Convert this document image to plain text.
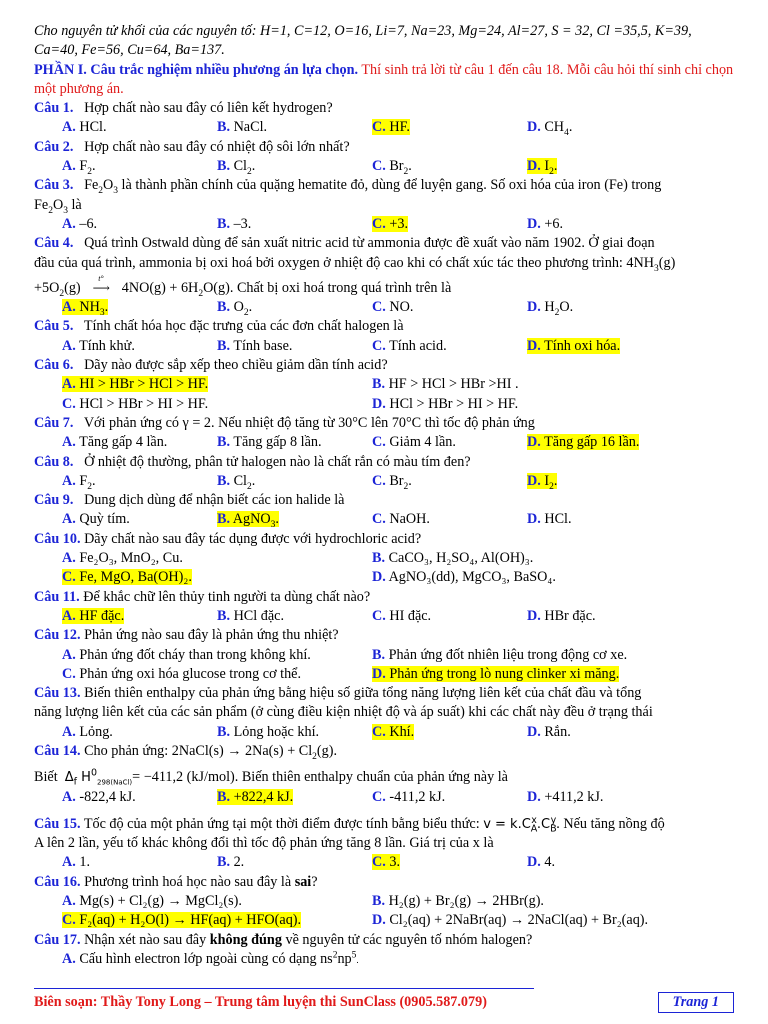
Cho nguyên tử khối của các nguyên tố: H=1, C=12, O=16, Li=7, Na=23, Mg=24, Al=27, S = 32, Cl =35,5, K=39, Ca=40, Fe=56, Cu=64, Ba=137.
PHẦN I. Câu trắc nghiệm nhiều phương án lựa chọn. Thí sinh trả lời từ câu 1 đến câu 18. Mỗi câu hỏi thí sinh chỉ chọn một phương án.
Câu 1. Hợp chất nào sau đây có liên kết hydrogen?
A. HCl.	B. NaCl.	C. HF.	D. $CH_4$.
Câu 2. Hợp chất nào sau đây có nhiệt độ sôi lớn nhất?
A. $F_2$.	B. $Cl_2$.	C. $Br_2$.	D. $I_2$.
Câu 3. $Fe_2O_3$ là thành phần chính của quặng hematite đỏ, dùng để luyện gang. Số oxi hóa của iron (Fe) trong
$Fe_2O_3$ là
A. –6.	B. –3.	C. +3.	D. +6.
Câu 4. Quá trình Ostwald dùng để sản xuất nitric acid từ ammonia được đề xuất vào năm 1902. Ở giai đoạn
đầu của quá trình, ammonia bị oxi hoá bởi oxygen ở nhiệt độ cao khi có chất xúc tác theo phương trình: $4NH_3(g)$
$+5O_2(g)$
t°
⟶ $4NO(g) + 6H_2O(g)$. Chất bị oxi hoá trong quá trình trên là
A. $NH_3$.	B. $O_2$.	C. NO.	D. $H_2O$.
Câu 5. Tính chất hóa học đặc trưng của các đơn chất halogen là
A. Tính khử.	B. Tính base.	C. Tính acid.	D. Tính oxi hóa.
Câu 6. Dãy nào được sắp xếp theo chiều giảm dần tính acid?
A. HI > HBr > HCl > HF.	B. HF > HCl > HBr >HI .
C. HCl > HBr > HI > HF.	D. HCl > HBr > HI > HF.
Câu 7. Với phản ứng có γ = 2. Nếu nhiệt độ tăng từ 30°C lên 70°C thì tốc độ phản ứng
A. Tăng gấp 4 lần.	B. Tăng gấp 8 lần.	C. Giảm 4 lần.	D. Tăng gấp 16 lần.
Câu 8. Ở nhiệt độ thường, phân tử halogen nào là chất rắn có màu tím đen?
A. $F_2$.	B. $Cl_2$.	C. $Br_2$.	D. $I_2$.
Câu 9. Dung dịch dùng để nhận biết các ion halide là
A. Quỳ tím.	B. AgNO$_3$.	C. NaOH.	D. HCl.
Câu 10. Dãy chất nào sau đây tác dụng được với hydrochloric acid?
A. Fe₂O₃, MnO₂, Cu.	B. CaCO₃, H₂SO₄, Al(OH)₃.
C. Fe, MgO, Ba(OH)₂.	D. AgNO₃(dd), MgCO₃, BaSO₄.
Câu 11. Để khắc chữ lên thủy tinh người ta dùng chất nào?
A. HF đặc.	B. HCl đặc.	C. HI đặc.	D. HBr đặc.
Câu 12. Phản ứng nào sau đây là phản ứng thu nhiệt?
A. Phản ứng đốt cháy than trong không khí.	B. Phản ứng đốt nhiên liệu trong động cơ xe.
C. Phản ứng oxi hóa glucose trong cơ thể.	D. Phản ứng trong lò nung clinker xi măng.
Câu 13. Biến thiên enthalpy của phản ứng bằng hiệu số giữa tổng năng lượng liên kết của chất đầu và tổng
năng lượng liên kết của các sản phẩm (ở cùng điều kiện nhiệt độ và áp suất) khi các chất này đều ở trạng thái
A. Lỏng.	B. Lỏng hoặc khí.	C. Khí.	D. Rắn.
Câu 14. Cho phản ứng: 2NaCl(s) → $2Na(s) + Cl_2(g)$.
Biết $\Delta_f$ $H^0_{298(NaCl)}= -411,2$ (kJ/mol). Biến thiên enthalpy chuẩn của phản ứng này là
A. -822,4 kJ.	B. +822,4 kJ.	C. -411,2 kJ.	D. +411,2 kJ.
Câu 15. Tốc độ của một phản ứng tại một thời điểm được tính bằng biểu thức: $v = k.C_A^x.C_B^y$. Nếu tăng nồng độ
A lên 2 lần, yếu tố khác không đổi thì tốc độ phản ứng tăng 8 lần. Giá trị của x là
A. 1.	B. 2.	C. 3.	D. 4.
Câu 16. Phương trình hoá học nào sau đây là sai?
A. Mg(s) + Cl₂(g) → MgCl₂(s).	B. H₂(g) + Br₂(g) → 2HBr(g).
C. F₂(aq) + H₂O(l) → HF(aq) + HFO(aq).	D. Cl₂(aq) + 2NaBr(aq) → 2NaCl(aq) + Br₂(aq).
Câu 17. Nhận xét nào sau đây không đúng về nguyên tử các nguyên tố nhóm halogen?
A. Cấu hình electron lớp ngoài cùng có dạng $ns^2np^5$.
Biên soạn: Thầy Tony Long – Trung tâm luyện thi SunClass (0905.587.079)	Trang 1
